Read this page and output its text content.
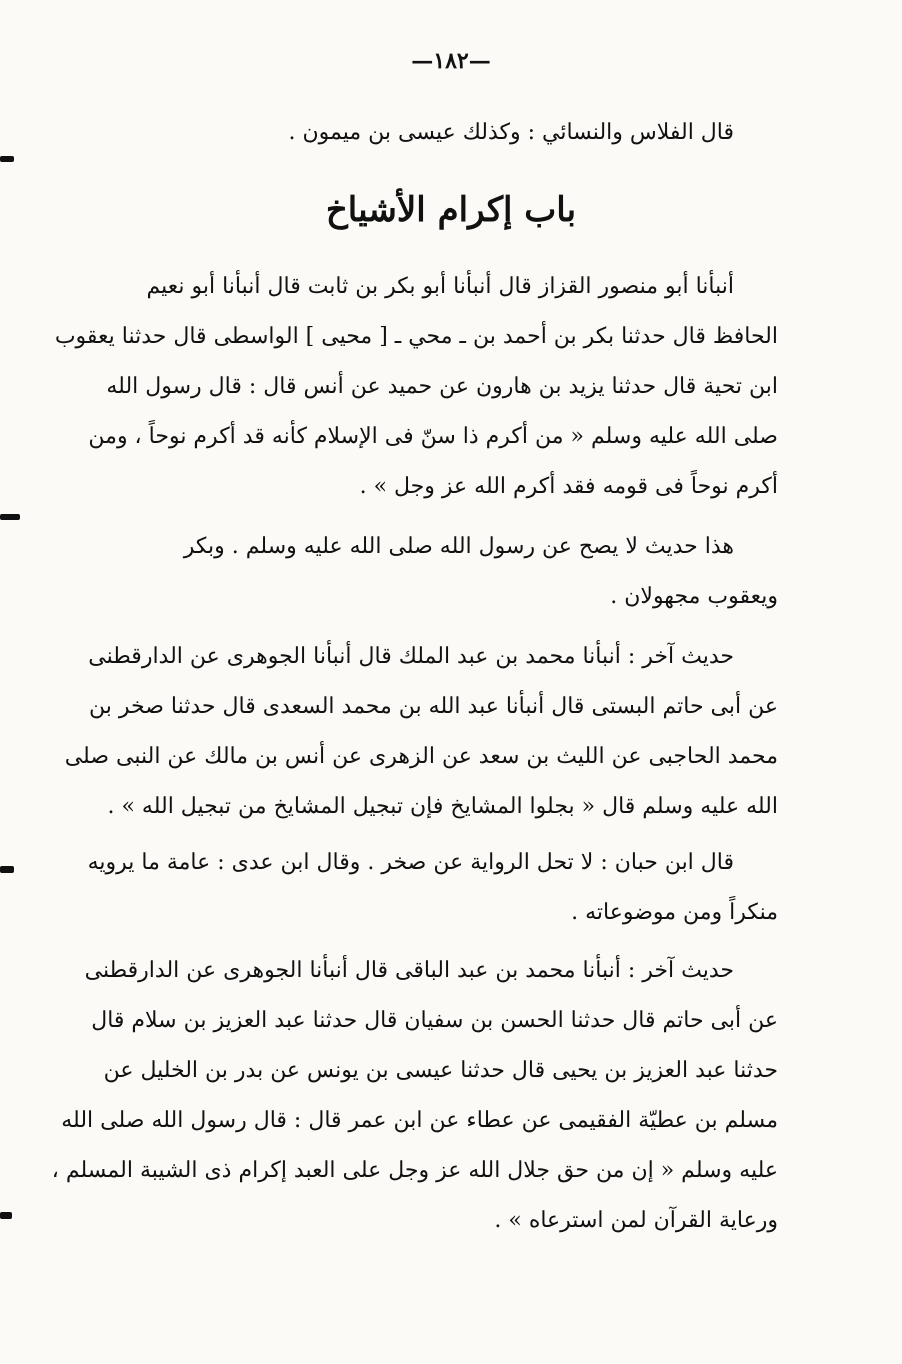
—١٨٢—
قال الفلاس والنسائي : وكذلك عيسى بن ميمون .
باب إكرام الأشياخ
أنبأنا أبو منصور القزاز قال أنبأنا أبو بكر بن ثابت قال أنبأنا أبو نعيم
الحافظ قال حدثنا بكر بن أحمد بن ـ محي ـ [ محيى ] الواسطى قال حدثنا يعقوب
ابن تحية قال حدثنا يزيد بن هارون عن حميد عن أنس قال : قال رسول الله
صلى الله عليه وسلم « من أكرم ذا سنّ فى الإسلام كأنه قد أكرم نوحاً ، ومن
أكرم نوحاً فى قومه فقد أكرم الله عز وجل » .
هذا حديث لا يصح عن رسول الله صلى الله عليه وسلم . وبكر
ويعقوب مجهولان .
حديث آخر : أنبأنا محمد بن عبد الملك قال أنبأنا الجوهرى عن الدارقطنى
عن أبى حاتم البستى قال أنبأنا عبد الله بن محمد السعدى قال حدثنا صخر بن
محمد الحاجبى عن الليث بن سعد عن الزهرى عن أنس بن مالك عن النبى صلى
الله عليه وسلم قال « بجلوا المشايخ فإن تبجيل المشايخ من تبجيل الله » .
قال ابن حبان : لا تحل الرواية عن صخر . وقال ابن عدى : عامة ما يرويه
منكراً ومن موضوعاته .
حديث آخر : أنبأنا محمد بن عبد الباقى قال أنبأنا الجوهرى عن الدارقطنى
عن أبى حاتم قال حدثنا الحسن بن سفيان قال حدثنا عبد العزيز بن سلام قال
حدثنا عبد العزيز بن يحيى قال حدثنا عيسى بن يونس عن بدر بن الخليل عن
مسلم بن عطيّة الفقيمى عن عطاء عن ابن عمر قال : قال رسول الله صلى الله
عليه وسلم « إن من حق جلال الله عز وجل على العبد إكرام ذى الشيبة المسلم ،
ورعاية القرآن لمن استرعاه » .
